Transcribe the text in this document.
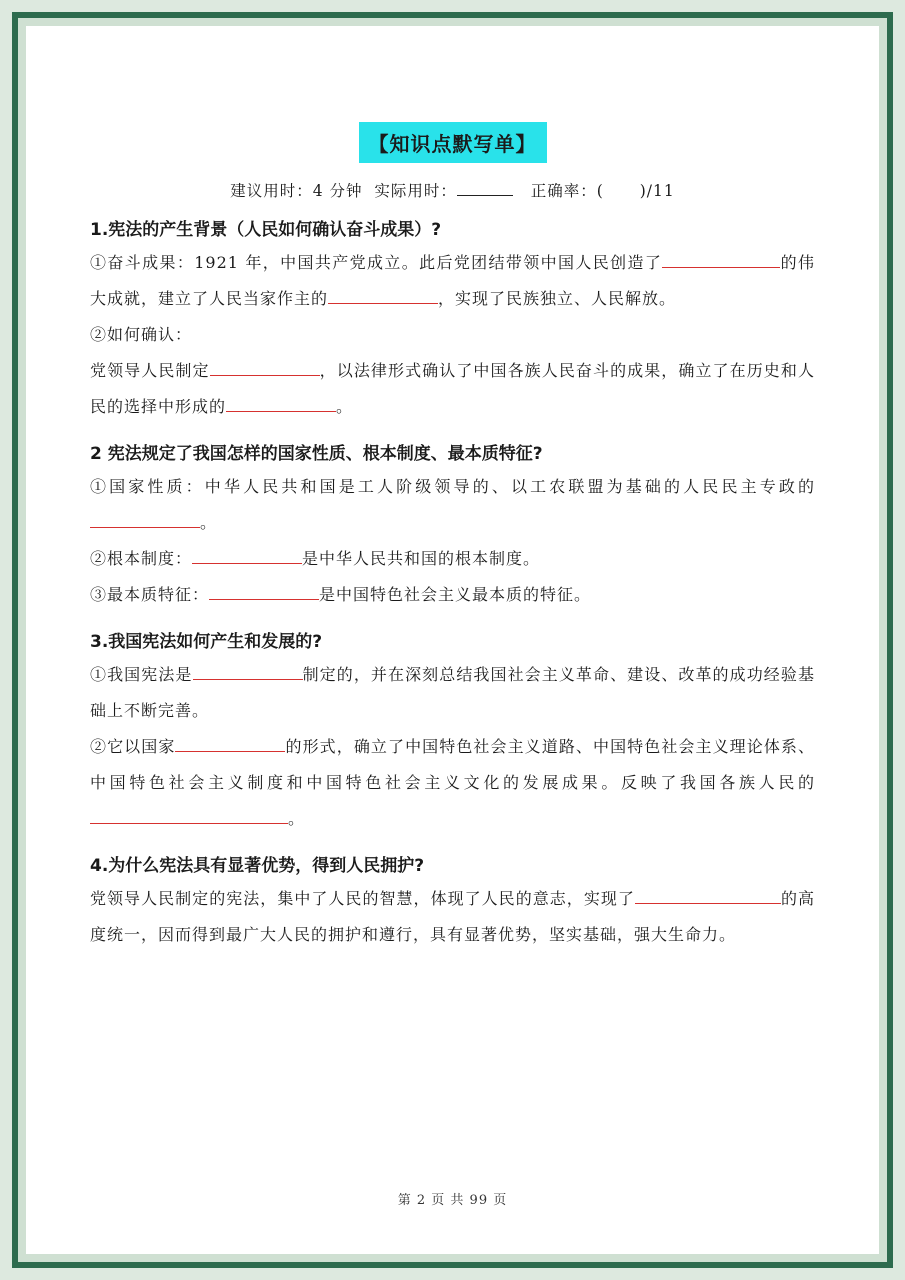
【知识点默写单】
建议用时：4 分钟 实际用时：	正确率：( )/11
1.宪法的产生背景（人民如何确认奋斗成果）?
①奋斗成果：1921 年，中国共产党成立。此后党团结带领中国人民创造了	的伟大成就，建立了人民当家作主的	，实现了民族独立、人民解放。
②如何确认：
党领导人民制定	，以法律形式确认了中国各族人民奋斗的成果，确立了在历史和人民的选择中形成的	。
2 宪法规定了我国怎样的国家性质、根本制度、最本质特征?
①国家性质：中华人民共和国是工人阶级领导的、以工农联盟为基础的人民民主专政的。
②根本制度：	是中华人民共和国的根本制度。
③最本质特征：	是中国特色社会主义最本质的特征。
3.我国宪法如何产生和发展的?
①我国宪法是	制定的，并在深刻总结我国社会主义革命、建设、改革的成功经验基础上不断完善。
②它以国家	的形式，确立了中国特色社会主义道路、中国特色社会主义理论体系、中国特色社会主义制度和中国特色社会主义文化的发展成果。反映了我国各族人民的。
4.为什么宪法具有显著优势，得到人民拥护?
党领导人民制定的宪法，集中了人民的智慧，体现了人民的意志，实现了	的高度统一，因而得到最广大人民的拥护和遵行，具有显著优势，坚实基础，强大生命力。
第 2 页 共 99 页
